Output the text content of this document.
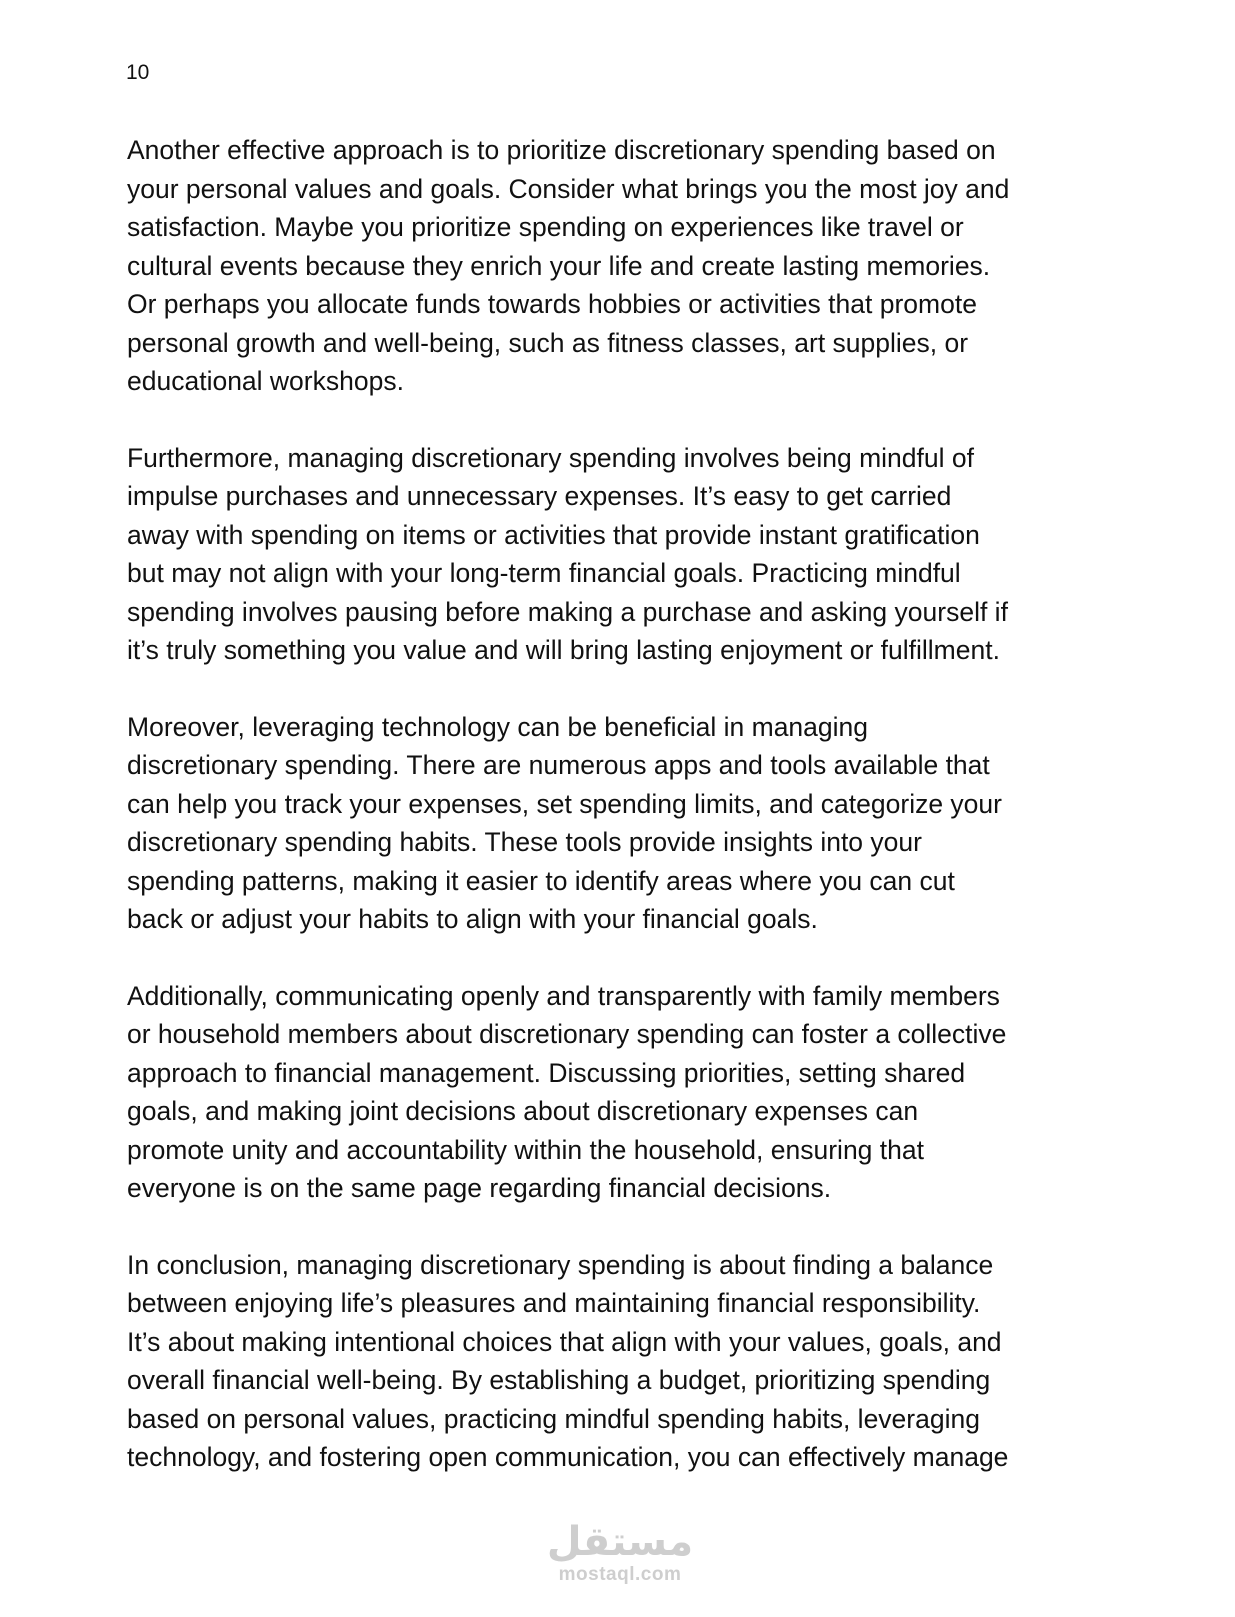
10

Another effective approach is to prioritize discretionary spending based on
your personal values and goals. Consider what brings you the most joy and
satisfaction. Maybe you prioritize spending on experiences like travel or
cultural events because they enrich your life and create lasting memories.
Or perhaps you allocate funds towards hobbies or activities that promote
personal growth and well-being, such as fitness classes, art supplies, or
educational workshops.

Furthermore, managing discretionary spending involves being mindful of
impulse purchases and unnecessary expenses. It’s easy to get carried
away with spending on items or activities that provide instant gratification
but may not align with your long-term financial goals. Practicing mindful
spending involves pausing before making a purchase and asking yourself if
it’s truly something you value and will bring lasting enjoyment or fulfillment.

Moreover, leveraging technology can be beneficial in managing
discretionary spending. There are numerous apps and tools available that
can help you track your expenses, set spending limits, and categorize your
discretionary spending habits. These tools provide insights into your
spending patterns, making it easier to identify areas where you can cut
back or adjust your habits to align with your financial goals.

Additionally, communicating openly and transparently with family members
or household members about discretionary spending can foster a collective
approach to financial management. Discussing priorities, setting shared
goals, and making joint decisions about discretionary expenses can
promote unity and accountability within the household, ensuring that
everyone is on the same page regarding financial decisions.

In conclusion, managing discretionary spending is about finding a balance
between enjoying life’s pleasures and maintaining financial responsibility.
It’s about making intentional choices that align with your values, goals, and
overall financial well-being. By establishing a budget, prioritizing spending
based on personal values, practicing mindful spending habits, leveraging
technology, and fostering open communication, you can effectively manage

مستقل
mostaql.com
